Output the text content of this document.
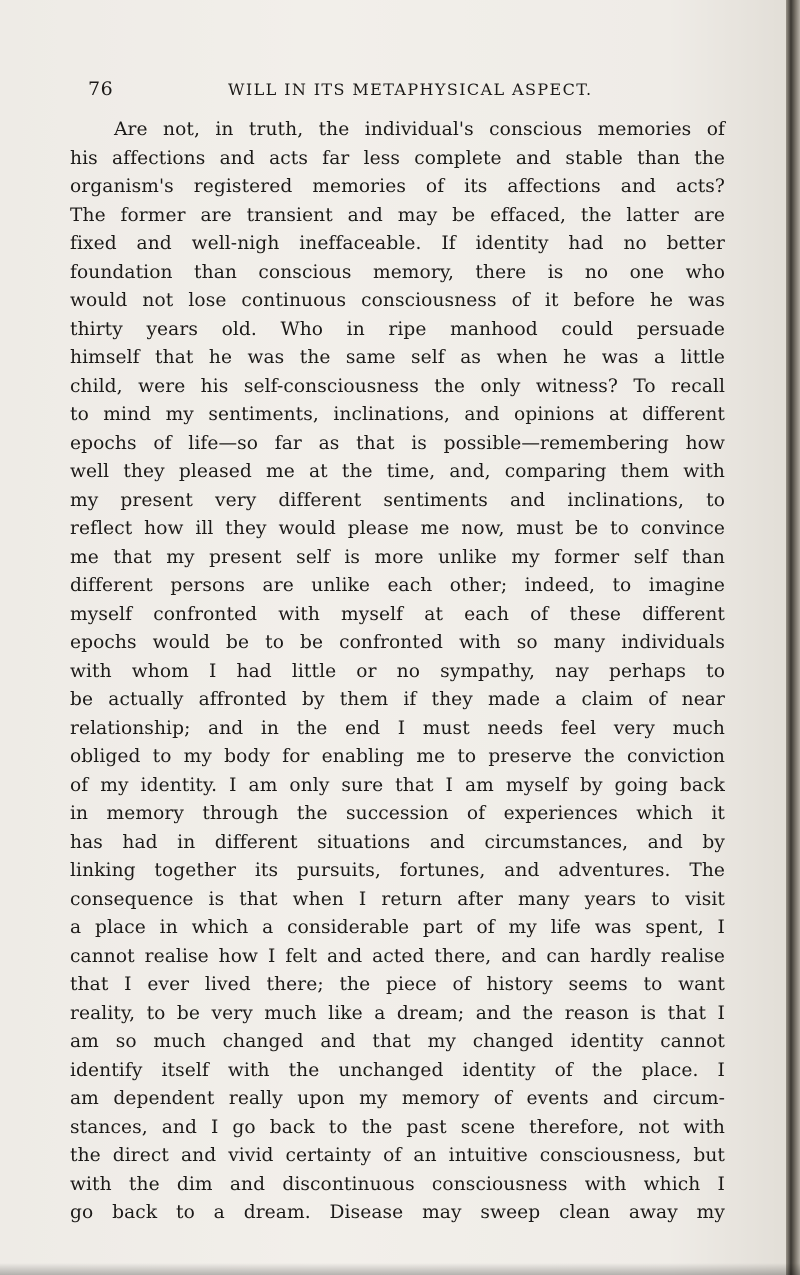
76	WILL IN ITS METAPHYSICAL ASPECT.
Are not, in truth, the individual's conscious memories of
his affections and acts far less complete and stable than the
organism's registered memories of its affections and acts?
The former are transient and may be effaced, the latter are
fixed and well-nigh ineffaceable. If identity had no better
foundation than conscious memory, there is no one who
would not lose continuous consciousness of it before he was
thirty years old. Who in ripe manhood could persuade
himself that he was the same self as when he was a little
child, were his self-consciousness the only witness? To recall
to mind my sentiments, inclinations, and opinions at different
epochs of life—so far as that is possible—remembering how
well they pleased me at the time, and, comparing them with
my present very different sentiments and inclinations, to
reflect how ill they would please me now, must be to convince
me that my present self is more unlike my former self than
different persons are unlike each other; indeed, to imagine
myself confronted with myself at each of these different
epochs would be to be confronted with so many individuals
with whom I had little or no sympathy, nay perhaps to
be actually affronted by them if they made a claim of near
relationship; and in the end I must needs feel very much
obliged to my body for enabling me to preserve the conviction
of my identity. I am only sure that I am myself by going back
in memory through the succession of experiences which it
has had in different situations and circumstances, and by
linking together its pursuits, fortunes, and adventures. The
consequence is that when I return after many years to visit
a place in which a considerable part of my life was spent, I
cannot realise how I felt and acted there, and can hardly realise
that I ever lived there; the piece of history seems to want
reality, to be very much like a dream; and the reason is that I
am so much changed and that my changed identity cannot
identify itself with the unchanged identity of the place. I
am dependent really upon my memory of events and circum-
stances, and I go back to the past scene therefore, not with
the direct and vivid certainty of an intuitive consciousness, but
with the dim and discontinuous consciousness with which I
go back to a dream. Disease may sweep clean away my
